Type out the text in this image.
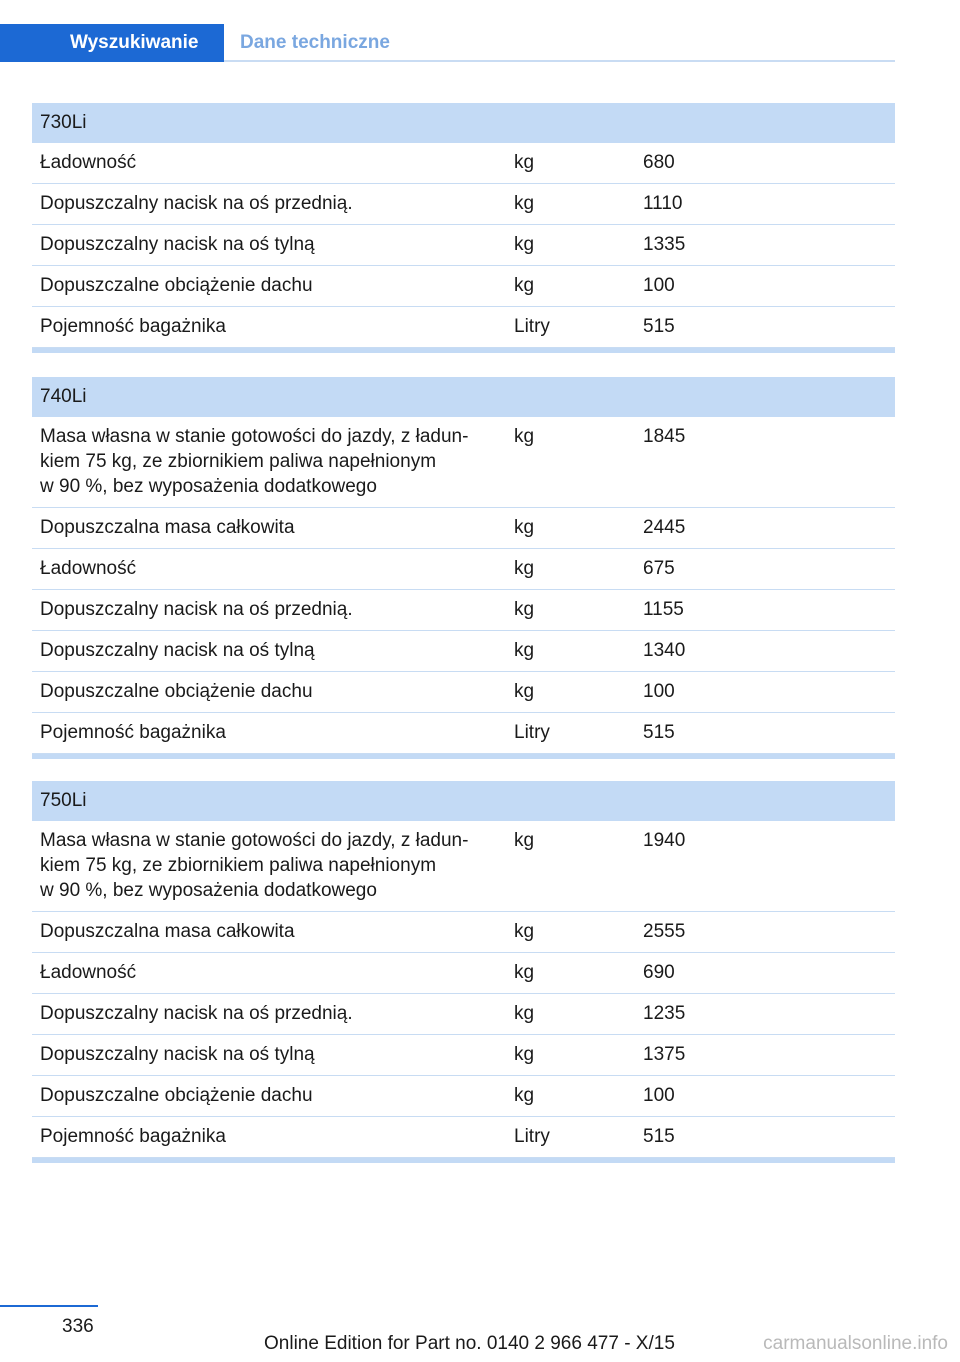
Wyszukiwanie	Dane techniczne
730Li
Ładowność	kg	680
Dopuszczalny nacisk na oś przednią.	kg	1110
Dopuszczalny nacisk na oś tylną	kg	1335
Dopuszczalne obciążenie dachu	kg	100
Pojemność bagażnika	Litry	515
740Li
Masa własna w stanie gotowości do jazdy, z ładun-
kiem 75 kg, ze zbiornikiem paliwa napełnionym
w 90 %, bez wyposażenia dodatkowego
kg	1845
Dopuszczalna masa całkowita	kg	2445
Ładowność	kg	675
Dopuszczalny nacisk na oś przednią.	kg	1155
Dopuszczalny nacisk na oś tylną	kg	1340
Dopuszczalne obciążenie dachu	kg	100
Pojemność bagażnika	Litry	515
750Li
Masa własna w stanie gotowości do jazdy, z ładun-
kiem 75 kg, ze zbiornikiem paliwa napełnionym
w 90 %, bez wyposażenia dodatkowego
kg	1940
Dopuszczalna masa całkowita	kg	2555
Ładowność	kg	690
Dopuszczalny nacisk na oś przednią.	kg	1235
Dopuszczalny nacisk na oś tylną	kg	1375
Dopuszczalne obciążenie dachu	kg	100
Pojemność bagażnika	Litry	515
336
Online Edition for Part no. 0140 2 966 477 - X/15	carmanualsonline.info
